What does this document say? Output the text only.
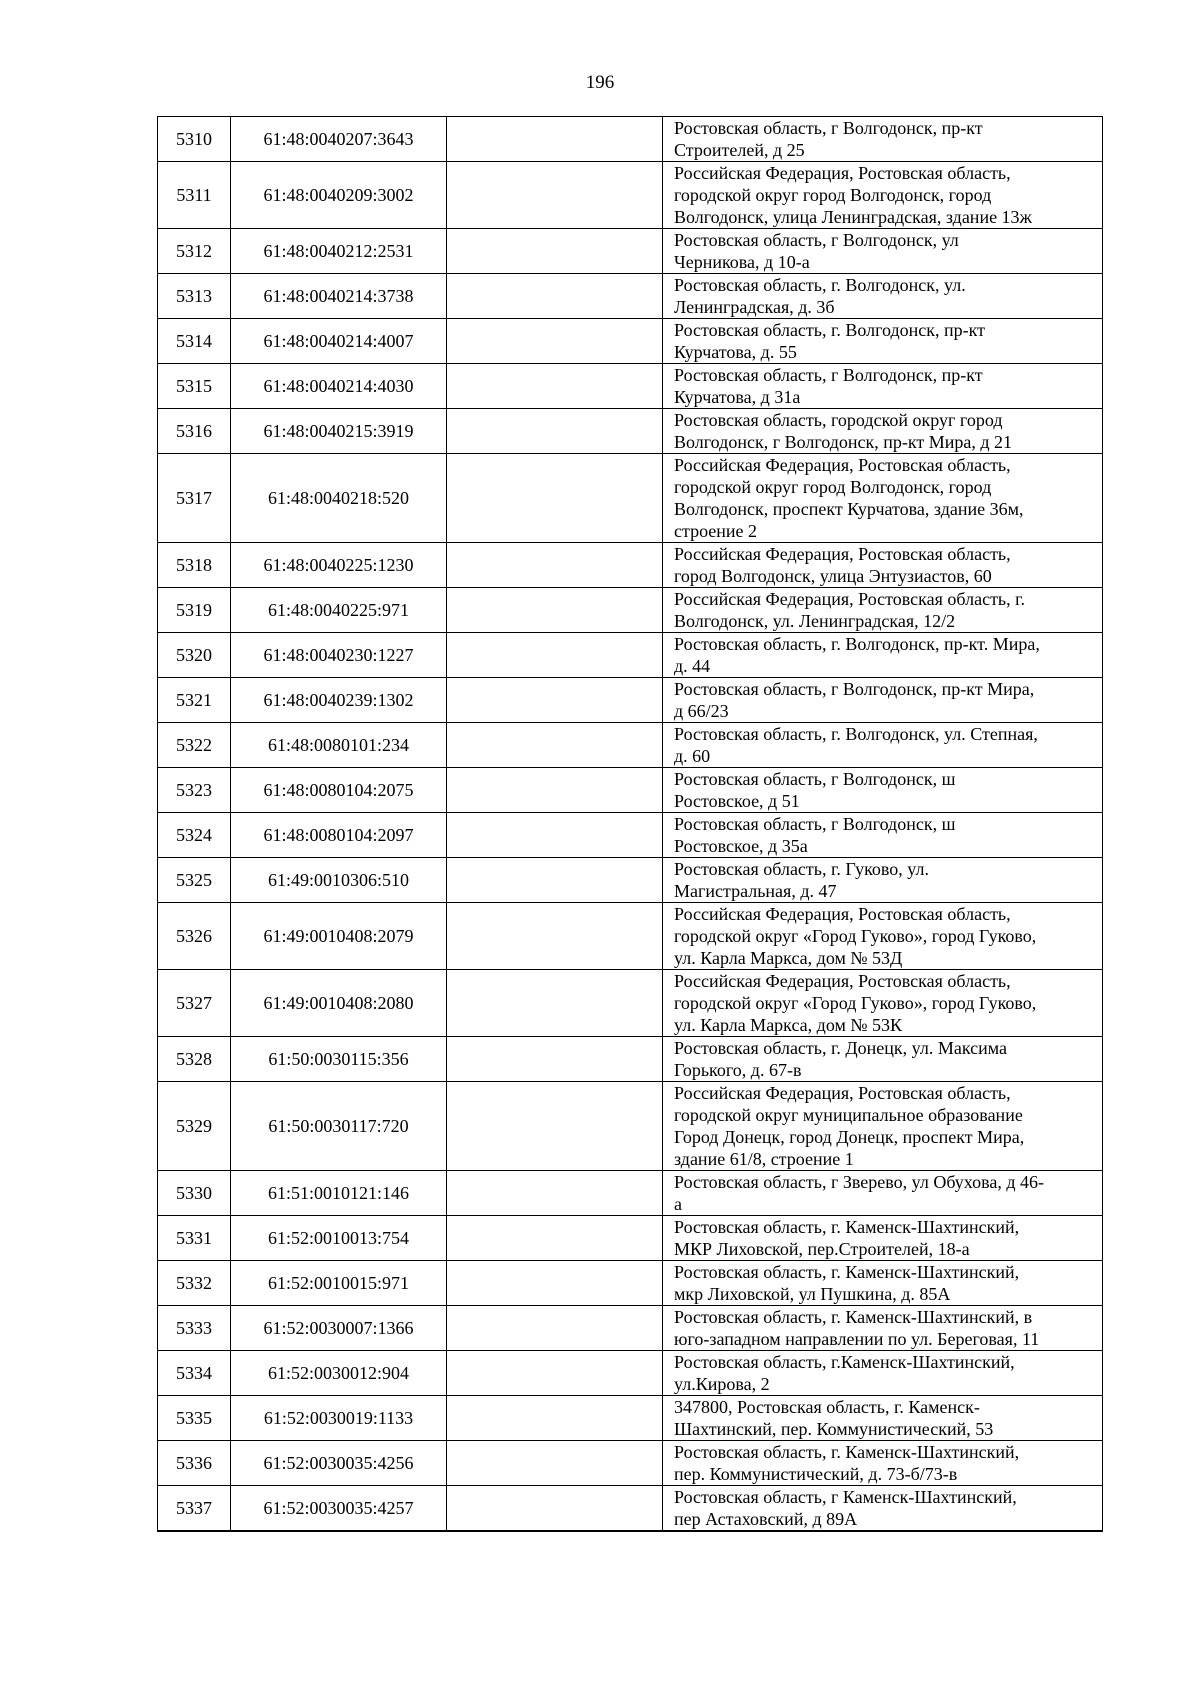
196
5310	61:48:0040207:3643		Ростовская область, г Волгодонск, пр-кт
Строителей, д 25
5311	61:48:0040209:3002		Российская Федерация, Ростовская область,
городской округ город Волгодонск, город
Волгодонск, улица Ленинградская, здание 13ж
5312	61:48:0040212:2531		Ростовская область, г Волгодонск, ул
Черникова, д 10-а
5313	61:48:0040214:3738		Ростовская область, г. Волгодонск, ул.
Ленинградская, д. 3б
5314	61:48:0040214:4007		Ростовская область, г. Волгодонск, пр-кт
Курчатова, д. 55
5315	61:48:0040214:4030		Ростовская область, г Волгодонск, пр-кт
Курчатова, д 31а
5316	61:48:0040215:3919		Ростовская область, городской округ город
Волгодонск, г Волгодонск, пр-кт Мира, д 21
5317	61:48:0040218:520		Российская Федерация, Ростовская область,
городской округ город Волгодонск, город
Волгодонск, проспект Курчатова, здание 36м,
строение 2
5318	61:48:0040225:1230		Российская Федерация, Ростовская область,
город Волгодонск, улица Энтузиастов, 60
5319	61:48:0040225:971		Российская Федерация, Ростовская область, г.
Волгодонск, ул. Ленинградская, 12/2
5320	61:48:0040230:1227		Ростовская область, г. Волгодонск, пр-кт. Мира,
д. 44
5321	61:48:0040239:1302		Ростовская область, г Волгодонск, пр-кт Мира,
д 66/23
5322	61:48:0080101:234		Ростовская область, г. Волгодонск, ул. Степная,
д. 60
5323	61:48:0080104:2075		Ростовская область, г Волгодонск, ш
Ростовское, д 51
5324	61:48:0080104:2097		Ростовская область, г Волгодонск, ш
Ростовское, д 35а
5325	61:49:0010306:510		Ростовская область, г. Гуково, ул.
Магистральная, д. 47
5326	61:49:0010408:2079		Российская Федерация, Ростовская область,
городской округ «Город Гуково», город Гуково,
ул. Карла Маркса, дом № 53Д
5327	61:49:0010408:2080		Российская Федерация, Ростовская область,
городской округ «Город Гуково», город Гуково,
ул. Карла Маркса, дом № 53К
5328	61:50:0030115:356		Ростовская область, г. Донецк, ул. Максима
Горького, д. 67-в
5329	61:50:0030117:720		Российская Федерация, Ростовская область,
городской округ муниципальное образование
Город Донецк, город Донецк, проспект Мира,
здание 61/8, строение 1
5330	61:51:0010121:146		Ростовская область, г Зверево, ул Обухова, д 46-
а
5331	61:52:0010013:754		Ростовская область, г. Каменск-Шахтинский,
МКР Лиховской, пер.Строителей, 18-а
5332	61:52:0010015:971		Ростовская область, г. Каменск-Шахтинский,
мкр Лиховской, ул Пушкина, д. 85А
5333	61:52:0030007:1366		Ростовская область, г. Каменск-Шахтинский, в
юго-западном направлении по ул. Береговая, 11
5334	61:52:0030012:904		Ростовская область, г.Каменск-Шахтинский,
ул.Кирова, 2
5335	61:52:0030019:1133		347800, Ростовская область, г. Каменск-
Шахтинский, пер. Коммунистический, 53
5336	61:52:0030035:4256		Ростовская область, г. Каменск-Шахтинский,
пер. Коммунистический, д. 73-б/73-в
5337	61:52:0030035:4257		Ростовская область, г Каменск-Шахтинский,
пер Астаховский, д 89А
